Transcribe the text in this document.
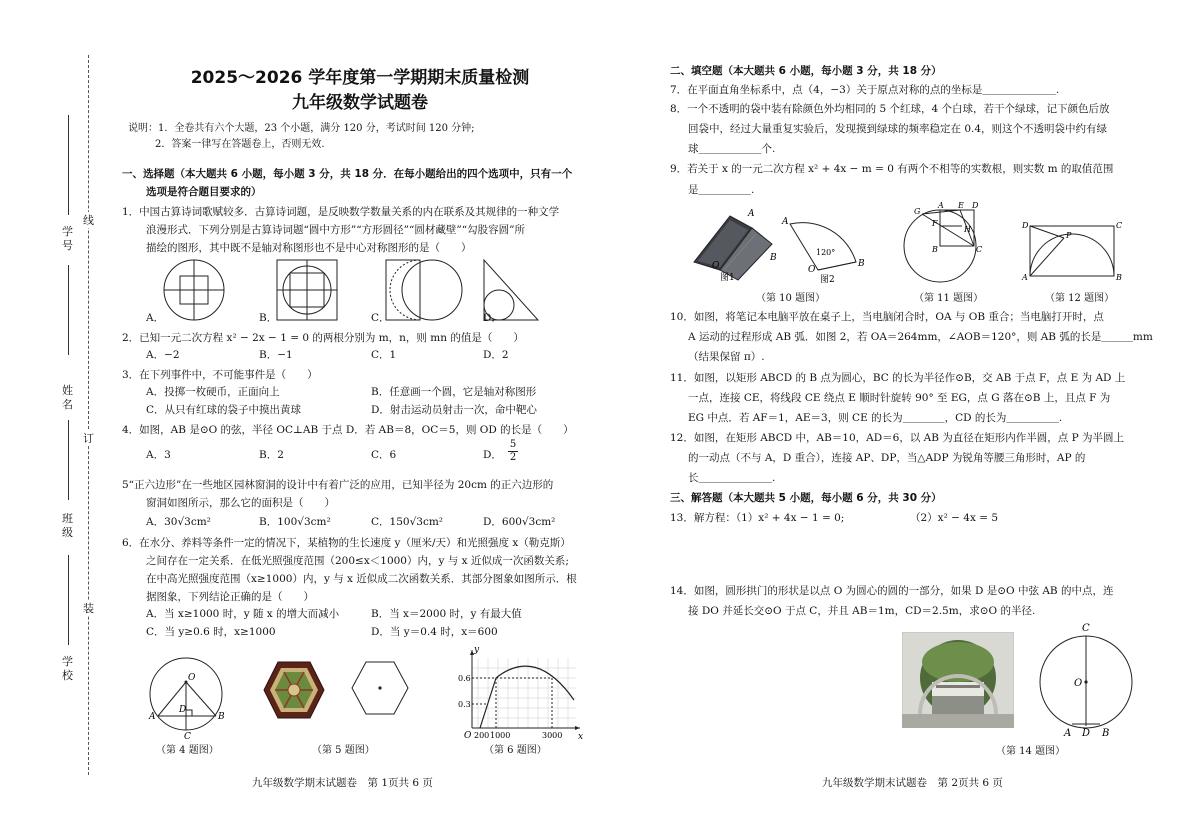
学号
姓名
班级
学校
线
订
装
2025～2026 学年度第一学期期末质量检测
九年级数学试题卷
说明：1．全卷共有六个大题，23 个小题，满分 120 分，考试时间 120 分钟;
2．答案一律写在答题卷上，否则无效.
一、选择题（本大题共 6 小题，每小题 3 分，共 18 分．在每小题给出的四个选项中，只有一个
选项是符合题目要求的）
1．中国古算诗词歌赋较多．古算诗词题，是反映数学数量关系的内在联系及其规律的一种文学
浪漫形式．下列分别是古算诗词题“圆中方形”“方形圆径”“圆材藏壁”“勾股容圆”所
描绘的图形，其中既不是轴对称图形也不是中心对称图形的是（　　）
A．	B．	C．	D．
2．已知一元二次方程 x² − 2x − 1 = 0 的两根分别为 m，n，则 mn 的值是（　　）
A．−2	B．−1	C．1	D．2
3．在下列事件中，不可能事件是（　　）
A．投掷一枚硬币，正面向上	B．任意画一个圆，它是轴对称图形
C．从只有红球的袋子中摸出黄球	D．射击运动员射击一次，命中靶心
4．如图，AB 是⊙O 的弦，半径 OC⊥AB 于点 D．若 AB＝8，OC＝5，则 OD 的长是（　　）
A．3	B．2	C．6	D． $\frac{5}{2}$
5“正六边形”在一些地区园林窗洞的设计中有着广泛的应用，已知半径为 20cm 的正六边形的
窗洞如图所示，那么它的面积是（　　）
A．30√3cm²	B．100√3cm²	C．150√3cm²	D．600√3cm²
6．在水分、养料等条件一定的情况下，某植物的生长速度 y（厘米/天）和光照强度 x（勒克斯）
之间存在一定关系．在低光照强度范围（200≤x＜1000）内，y 与 x 近似成一次函数关系;
在中高光照强度范围（x≥1000）内，y 与 x 近似成二次函数关系．其部分图象如图所示．根
据图象，下列结论正确的是（　　）
A．当 x≥1000 时，y 随 x 的增大而减小	B．当 x＝2000 时，y 有最大值
C．当 y≥0.6 时，x≥1000	D．当 y＝0.4 时，x＝600
O
A	B
C
D
（第 4 题图）	（第 5 题图）
y
x
O
0.6
0.3
200 1000	3000
（第 6 题图）
九年级数学期末试题卷　第 1页共 6 页
二、填空题（本大题共 6 小题，每小题 3 分，共 18 分）
7．在平面直角坐标系中，点（4，−3）关于原点对称的点的坐标是＿＿＿＿＿＿＿.
8．一个不透明的袋中装有除颜色外均相同的 5 个红球，4 个白球，若干个绿球，记下颜色后放
回袋中，经过大量重复实验后，发现摸到绿球的频率稳定在 0.4，则这个不透明袋中约有绿
球＿＿＿＿＿＿个.
9．若关于 x 的一元二次方程 x² + 4x − m = 0 有两个不相等的实数根，则实数 m 的取值范围
是＿＿＿＿＿.
A
B
O
图1
A
B
O
120°
图2
（第 10 题图）
G
A E D
F
H
B	C
（第 11 题图）
D	C
P
A	B
（第 12 题图）
10．如图，将笔记本电脑平放在桌子上，当电脑闭合时，OA 与 OB 重合；当电脑打开时，点
A 运动的过程形成 AB 弧．如图 2，若 OA＝264mm，∠AOB＝120°，则 AB 弧的长是＿＿＿mm
（结果保留 π）.
11．如图，以矩形 ABCD 的 B 点为圆心，BC 的长为半径作⊙B，交 AB 于点 F，点 E 为 AD 上
一点，连接 CE，将线段 CE 绕点 E 顺时针旋转 90° 至 EG，点 G 落在⊙B 上，且点 F 为
EG 中点．若 AF＝1，AE＝3，则 CE 的长为＿＿＿＿，CD 的长为＿＿＿＿＿.
12．如图，在矩形 ABCD 中，AB＝10，AD＝6，以 AB 为直径在矩形内作半圆，点 P 为半圆上
的一动点（不与 A，D 重合），连接 AP、DP，当△ADP 为锐角等腰三角形时，AP 的
长＿＿＿＿＿＿＿.
三、解答题（本大题共 5 小题，每小题 6 分，共 30 分）
13．解方程：（1）x² + 4x − 1 = 0;	（2）x² − 4x = 5
14．如图，圆形拱门的形状是以点 O 为圆心的圆的一部分，如果 D 是⊙O 中弦 AB 的中点，连
接 DO 并延长交⊙O 于点 C，并且 AB＝1m，CD＝2.5m，求⊙O 的半径.
C
O
A D B
（第 14 题图）
九年级数学期末试题卷　第 2页共 6 页
